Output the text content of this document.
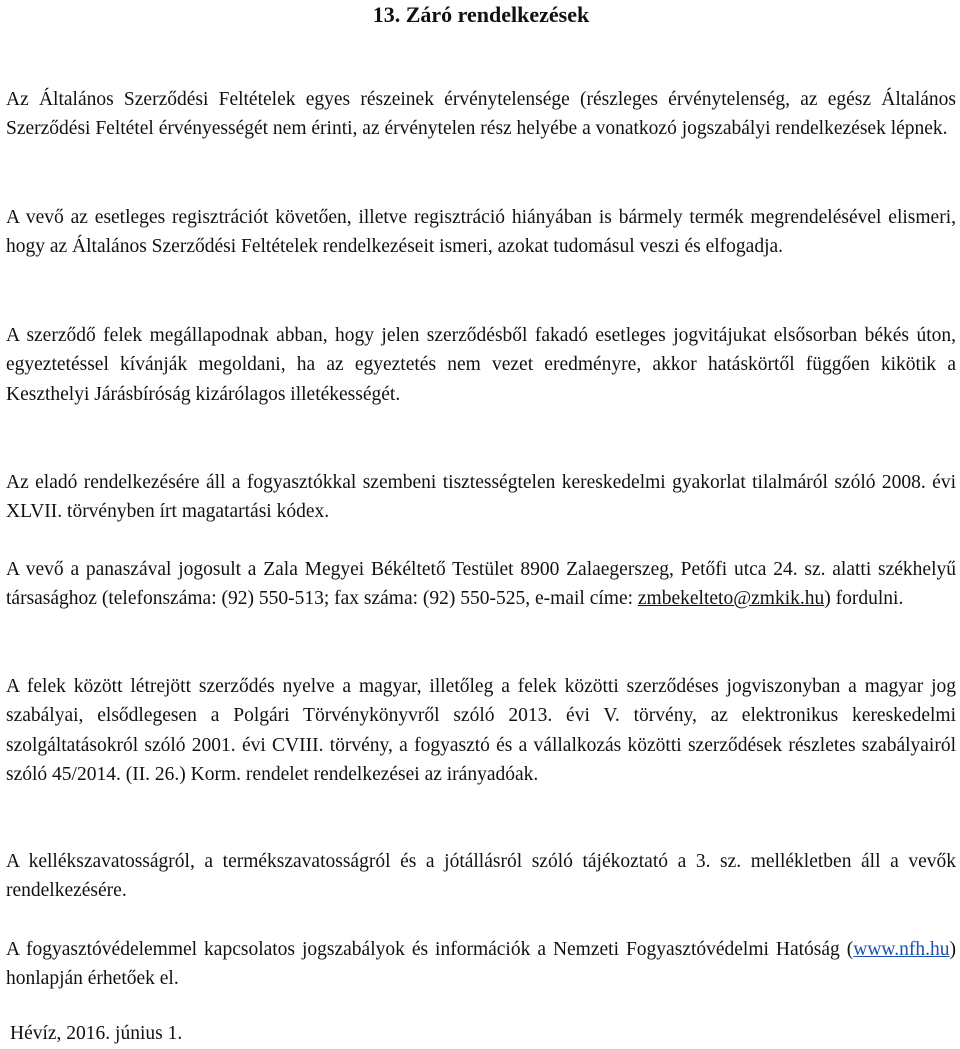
13. Záró rendelkezések

Az Általános Szerződési Feltételek egyes részeinek érvénytelensége (részleges érvénytelenség, az egész Általános Szerződési Feltétel érvényességét nem érinti, az érvénytelen rész helyébe a vonatkozó jogszabályi rendelkezések lépnek.

A vevő az esetleges regisztrációt követően, illetve regisztráció hiányában is bármely termék megrendelésével elismeri, hogy az Általános Szerződési Feltételek rendelkezéseit ismeri, azokat tudomásul veszi és elfogadja.

A szerződő felek megállapodnak abban, hogy jelen szerződésből fakadó esetleges jogvitájukat elsősorban békés úton, egyeztetéssel kívánják megoldani, ha az egyeztetés nem vezet eredményre, akkor hatáskörtől függően kikötik a Keszthelyi Járásbíróság kizárólagos illetékességét.

Az eladó rendelkezésére áll a fogyasztókkal szembeni tisztességtelen kereskedelmi gyakorlat tilalmáról szóló 2008. évi XLVII. törvényben írt magatartási kódex.

A vevő a panaszával jogosult a Zala Megyei Békéltető Testület 8900 Zalaegerszeg, Petőfi utca 24. sz. alatti székhelyű társasághoz (telefonszáma: (92) 550-513; fax száma: (92) 550-525, e-mail címe: zmbekelteto@zmkik.hu) fordulni.

A felek között létrejött szerződés nyelve a magyar, illetőleg a felek közötti szerződéses jogviszonyban a magyar jog szabályai, elsődlegesen a Polgári Törvénykönyvről szóló 2013. évi V. törvény, az elektronikus kereskedelmi szolgáltatásokról szóló 2001. évi CVIII. törvény, a fogyasztó és a vállalkozás közötti szerződések részletes szabályairól szóló 45/2014. (II. 26.) Korm. rendelet rendelkezései az irányadóak.

A kellékszavatosságról, a termékszavatosságról és a jótállásról szóló tájékoztató a 3. sz. mellékletben áll a vevők rendelkezésére.

A fogyasztóvédelemmel kapcsolatos jogszabályok és információk a Nemzeti Fogyasztóvédelmi Hatóság (www.nfh.hu) honlapján érhetőek el.

Hévíz, 2016. június 1.
